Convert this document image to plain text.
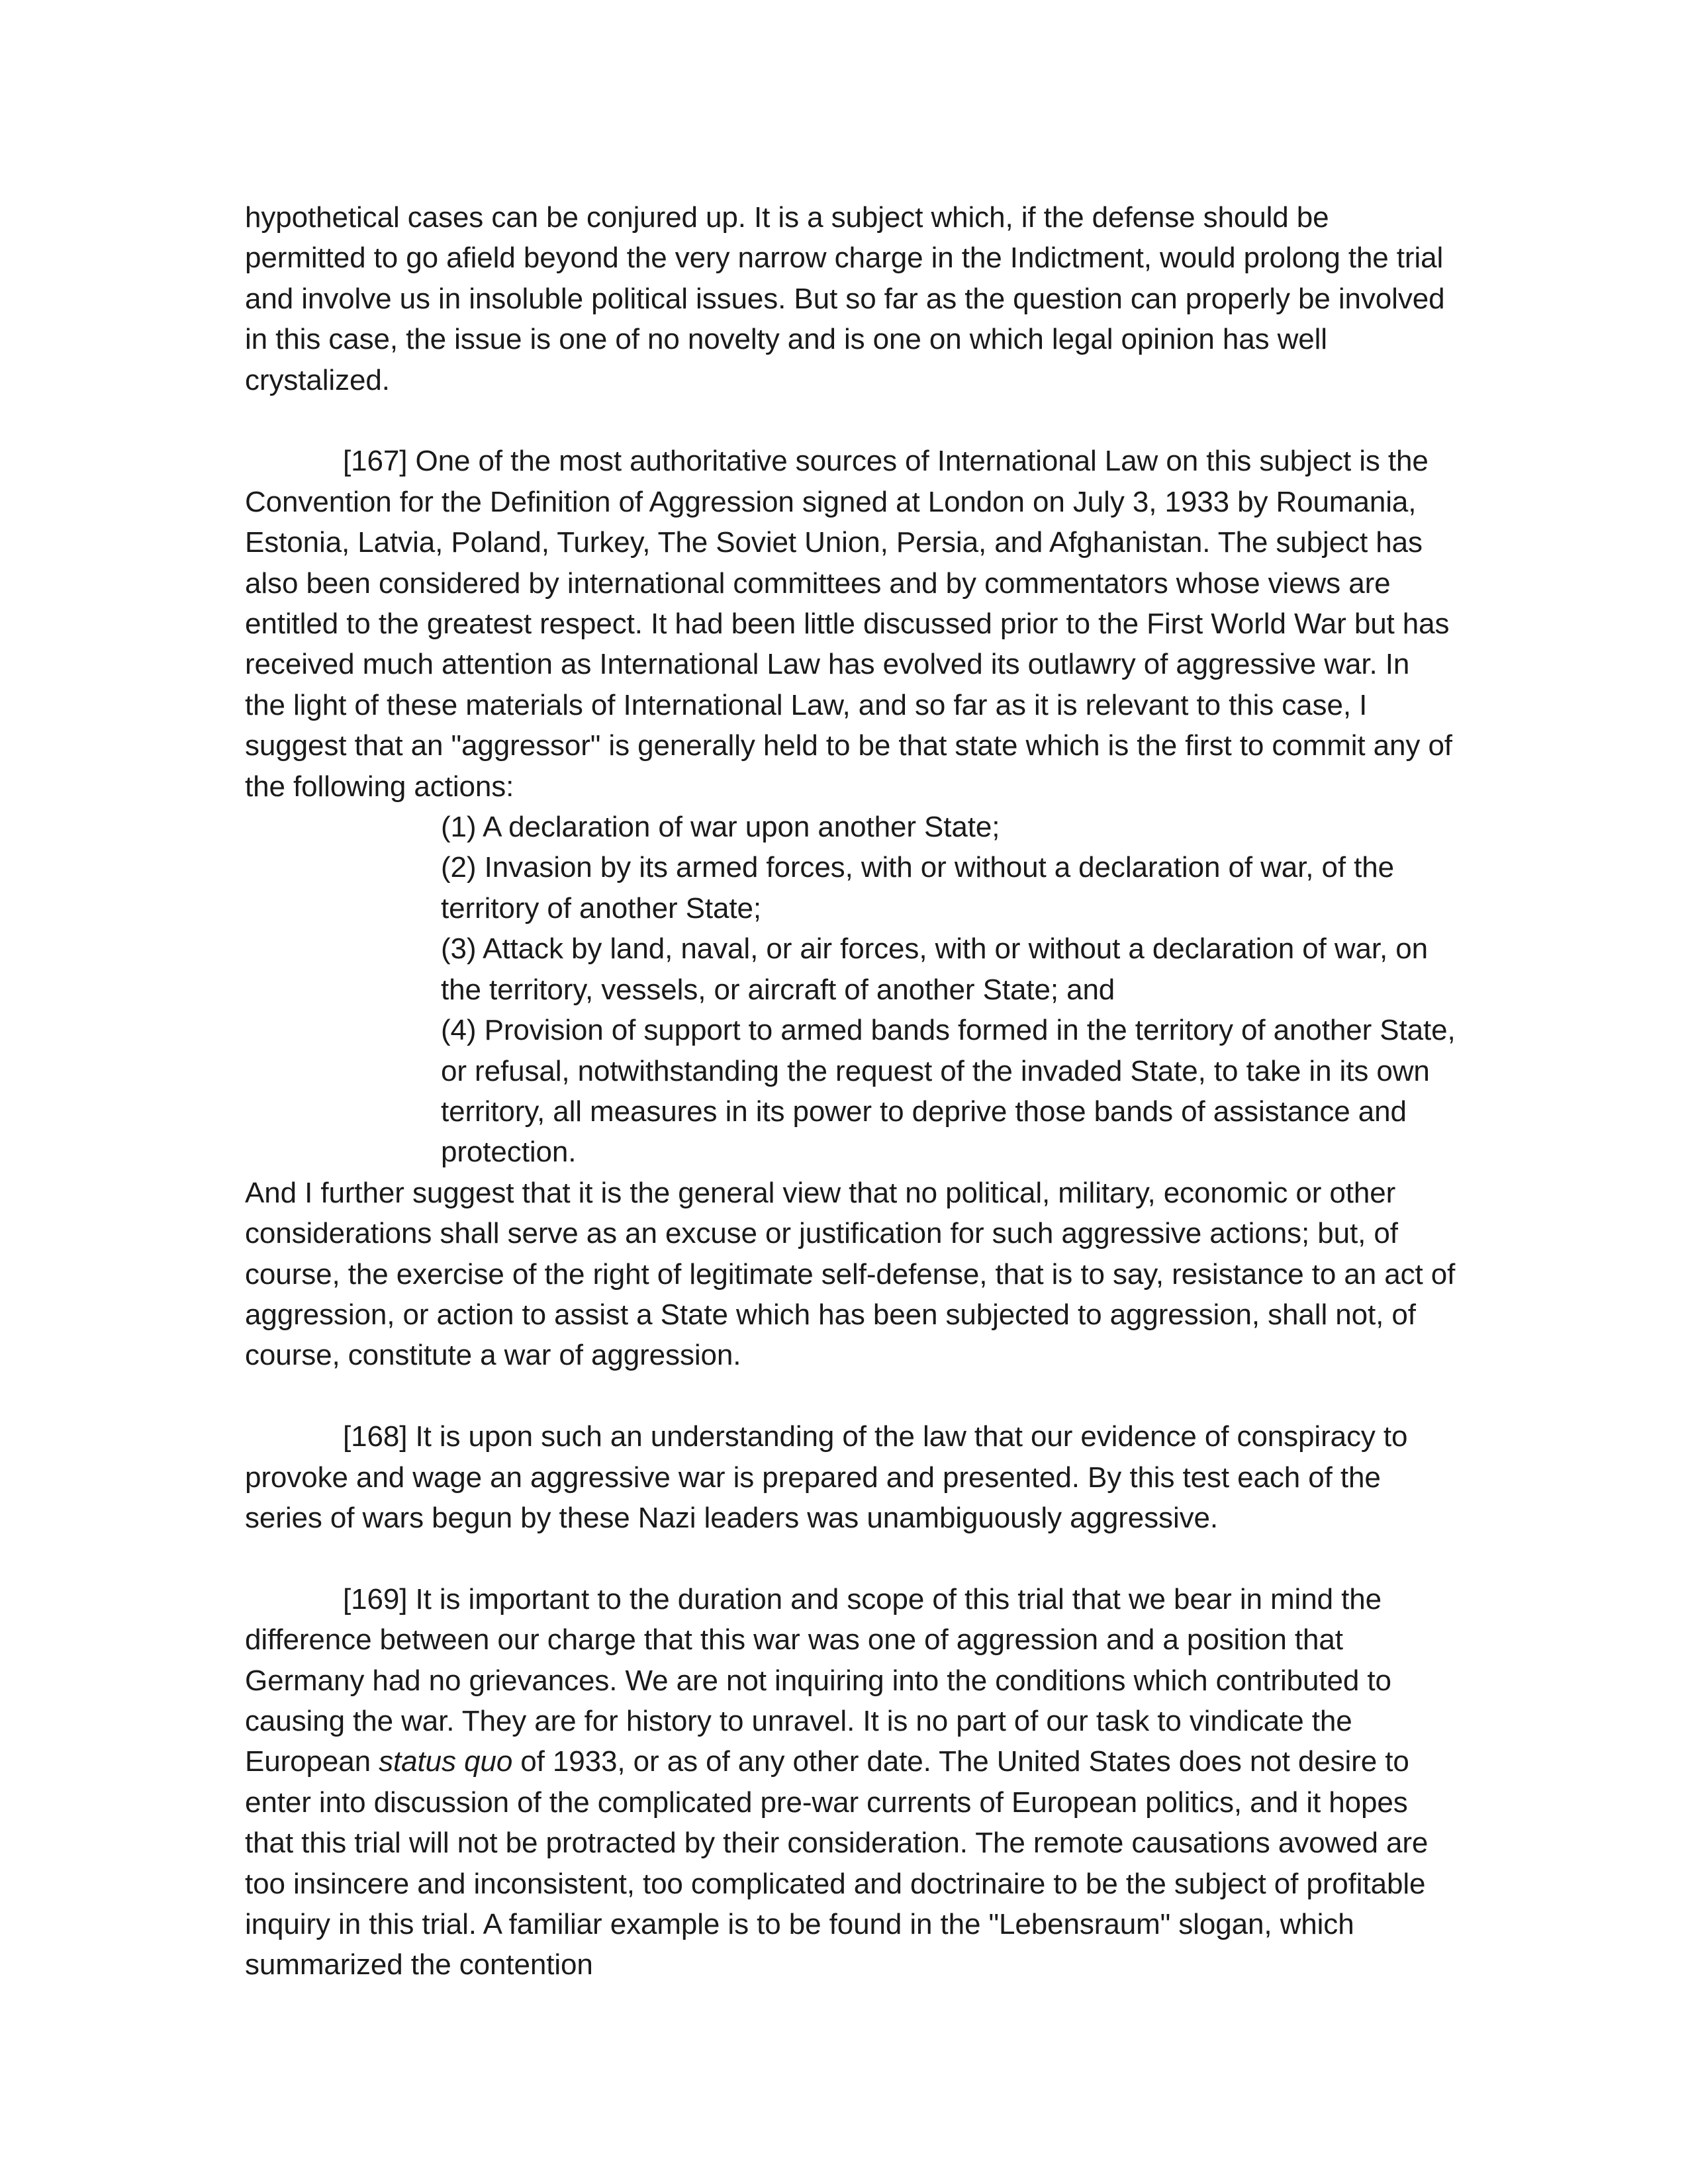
hypothetical cases can be conjured up. It is a subject which, if the defense should be permitted to go afield beyond the very narrow charge in the Indictment, would prolong the trial and involve us in insoluble political issues. But so far as the question can properly be involved in this case, the issue is one of no novelty and is one on which legal opinion has well crystalized.

[167] One of the most authoritative sources of International Law on this subject is the Convention for the Definition of Aggression signed at London on July 3, 1933 by Roumania, Estonia, Latvia, Poland, Turkey, The Soviet Union, Persia, and Afghanistan. The subject has also been considered by international committees and by commentators whose views are entitled to the greatest respect. It had been little discussed prior to the First World War but has received much attention as International Law has evolved its outlawry of aggressive war. In the light of these materials of International Law, and so far as it is relevant to this case, I suggest that an "aggressor" is generally held to be that state which is the first to commit any of the following actions:

(1) A declaration of war upon another State;
(2) Invasion by its armed forces, with or without a declaration of war, of the territory of another State;
(3) Attack by land, naval, or air forces, with or without a declaration of war, on the territory, vessels, or aircraft of another State; and
(4) Provision of support to armed bands formed in the territory of another State, or refusal, notwithstanding the request of the invaded State, to take in its own territory, all measures in its power to deprive those bands of assistance and protection.

And I further suggest that it is the general view that no political, military, economic or other considerations shall serve as an excuse or justification for such aggressive actions; but, of course, the exercise of the right of legitimate self-defense, that is to say, resistance to an act of aggression, or action to assist a State which has been subjected to aggression, shall not, of course, constitute a war of aggression.

[168] It is upon such an understanding of the law that our evidence of conspiracy to provoke and wage an aggressive war is prepared and presented. By this test each of the series of wars begun by these Nazi leaders was unambiguously aggressive.

[169] It is important to the duration and scope of this trial that we bear in mind the difference between our charge that this war was one of aggression and a position that Germany had no grievances. We are not inquiring into the conditions which contributed to causing the war. They are for history to unravel. It is no part of our task to vindicate the European status quo of 1933, or as of any other date. The United States does not desire to enter into discussion of the complicated pre-war currents of European politics, and it hopes that this trial will not be protracted by their consideration. The remote causations avowed are too insincere and inconsistent, too complicated and doctrinaire to be the subject of profitable inquiry in this trial. A familiar example is to be found in the "Lebensraum" slogan, which summarized the contention
